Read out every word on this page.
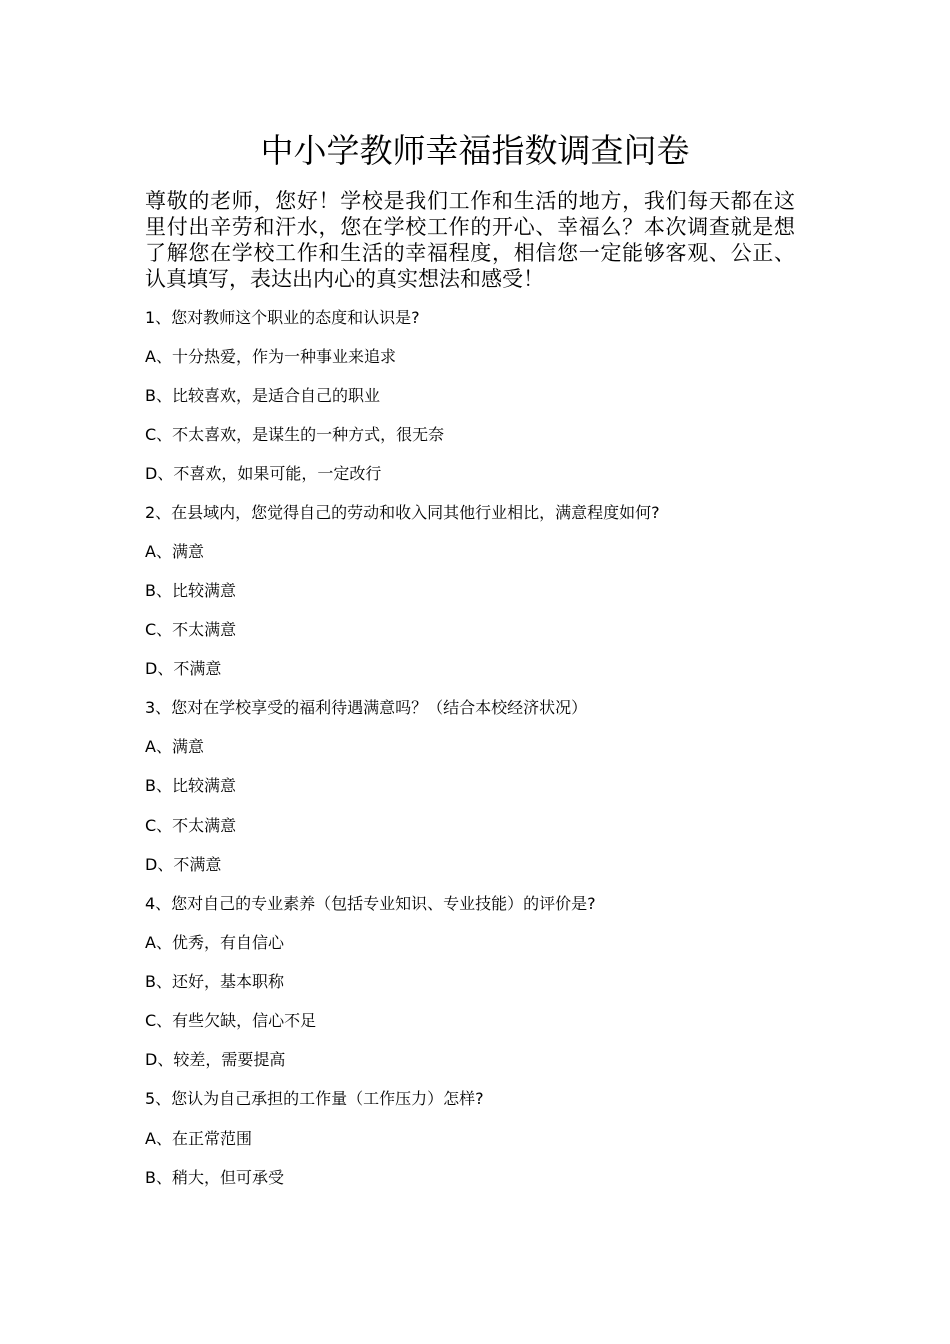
中小学教师幸福指数调查问卷
尊敬的老师，您好！学校是我们工作和生活的地方，我们每天都在这里付出辛劳和汗水，您在学校工作的开心、幸福么？本次调查就是想了解您在学校工作和生活的幸福程度，相信您一定能够客观、公正、认真填写，表达出内心的真实想法和感受！
1、您对教师这个职业的态度和认识是?
A、十分热爱，作为一种事业来追求
B、比较喜欢，是适合自己的职业
C、不太喜欢，是谋生的一种方式，很无奈
D、不喜欢，如果可能，一定改行
2、在县域内，您觉得自己的劳动和收入同其他行业相比，满意程度如何?
A、满意
B、比较满意
C、不太满意
D、不满意
3、您对在学校享受的福利待遇满意吗？（结合本校经济状况）
A、满意
B、比较满意
C、不太满意
D、不满意
4、您对自己的专业素养（包括专业知识、专业技能）的评价是?
A、优秀，有自信心
B、还好，基本职称
C、有些欠缺，信心不足
D、较差，需要提高
5、您认为自己承担的工作量（工作压力）怎样?
A、在正常范围
B、稍大，但可承受
